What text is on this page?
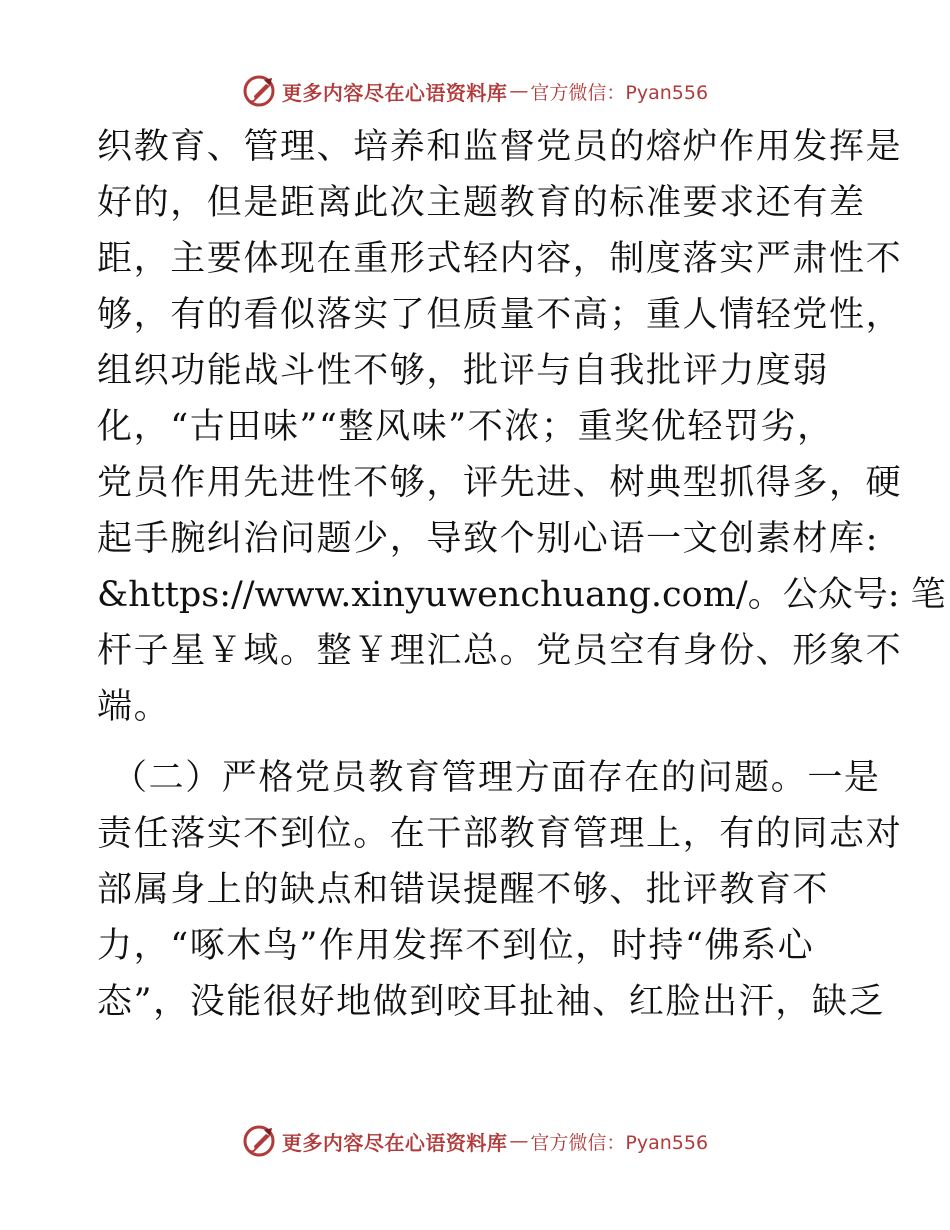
更多内容尽在心语资料库 — 官方微信：Pyan556
织教育、管理、培养和监督党员的熔炉作用发挥是
好的，但是距离此次主题教育的标准要求还有差
距，主要体现在重形式轻内容，制度落实严肃性不
够，有的看似落实了但质量不高；重人情轻党性，
组织功能战斗性不够，批评与自我批评力度弱
化，“古田味”“整风味”不浓；重奖优轻罚劣，
党员作用先进性不够，评先进、树典型抓得多，硬
起手腕纠治问题少，导致个别心语一文创素材库:
&https://www.xinyuwenchuang.com/。公众号: 笔
杆子星￥域。整￥理汇总。党员空有身份、形象不
端。
（二）严格党员教育管理方面存在的问题。一是
责任落实不到位。在干部教育管理上，有的同志对
部属身上的缺点和错误提醒不够、批评教育不
力，“啄木鸟”作用发挥不到位，时持“佛系心
态”，没能很好地做到咬耳扯袖、红脸出汗，缺乏
更多内容尽在心语资料库 — 官方微信：Pyan556
